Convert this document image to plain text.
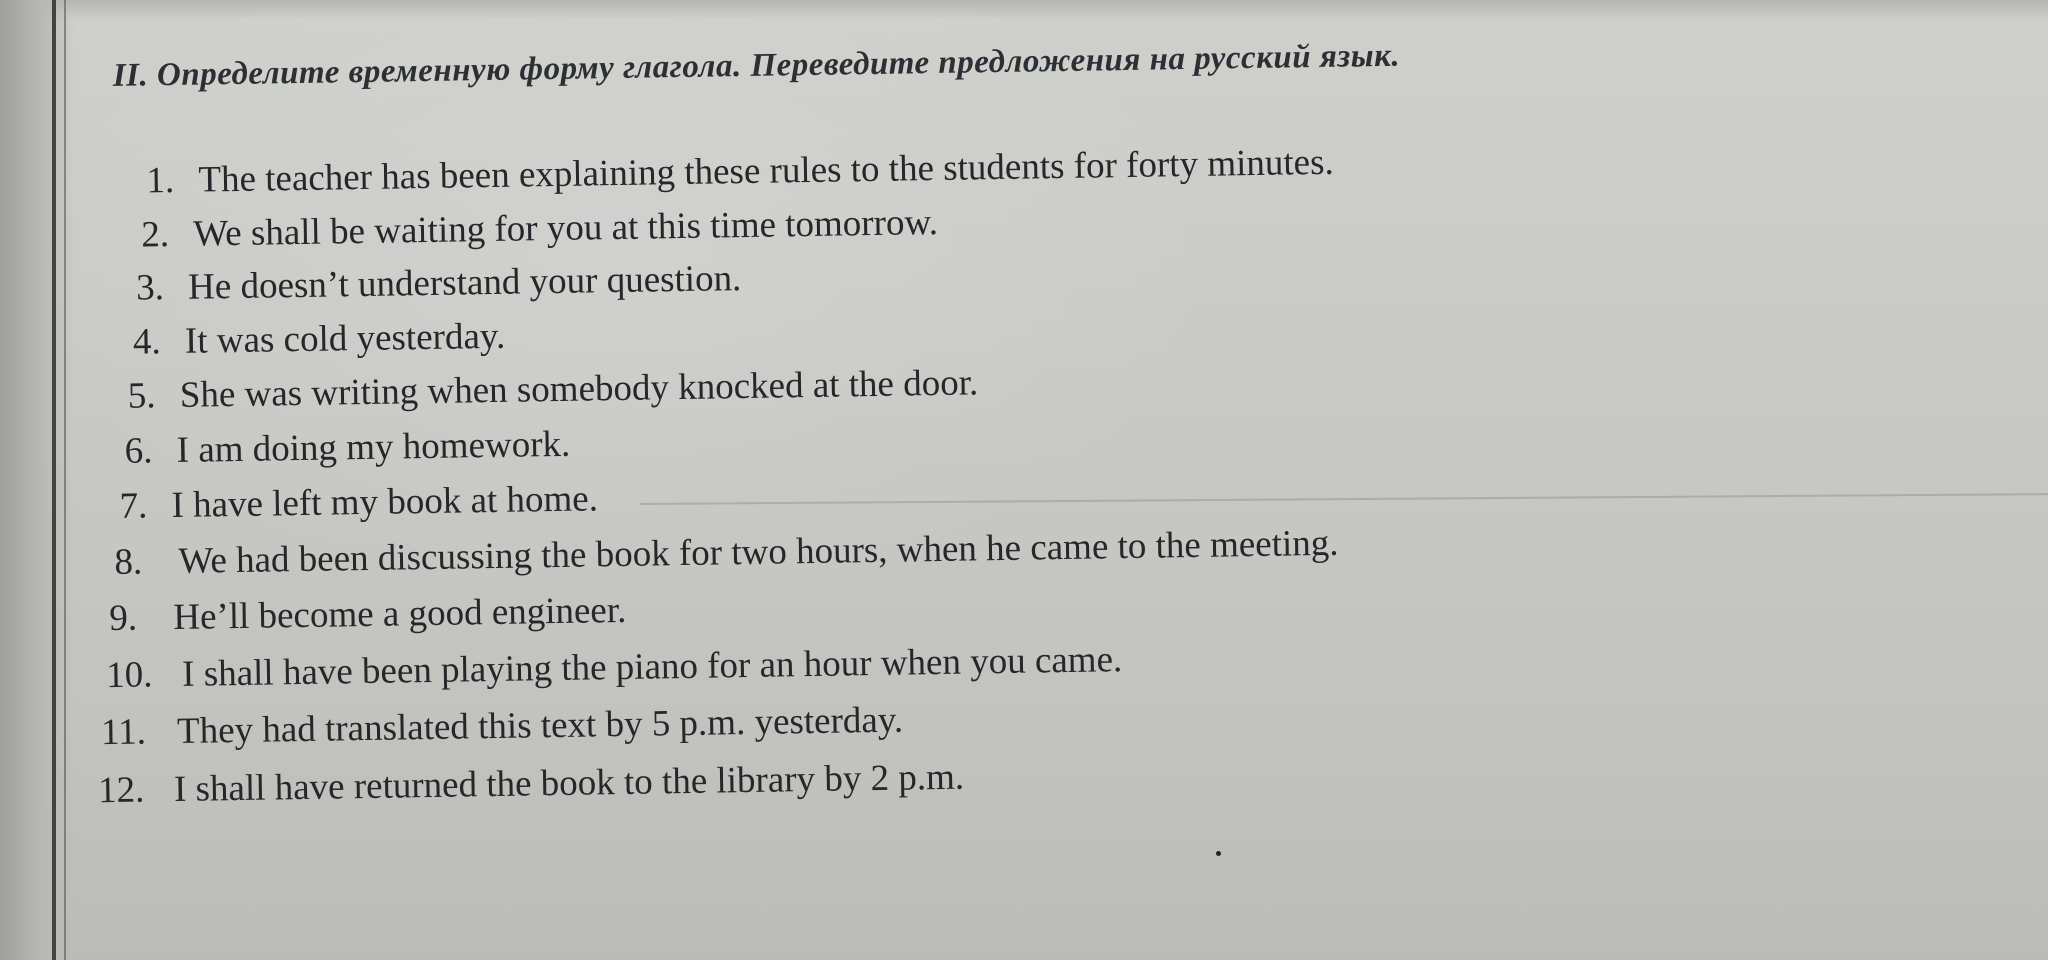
II. Определите временную форму глагола. Переведите предложения на русский язык.
1. The teacher has been explaining these rules to the students for forty minutes.
2. We shall be waiting for you at this time tomorrow.
3. He doesn’t understand your question.
4. It was cold yesterday.
5. She was writing when somebody knocked at the door.
6. I am doing my homework.
7. I have left my book at home.
8. We had been discussing the book for two hours, when he came to the meeting.
9. He’ll become a good engineer.
10. I shall have been playing the piano for an hour when you came.
11. They had translated this text by 5 p.m. yesterday.
12. I shall have returned the book to the library by 2 p.m.
